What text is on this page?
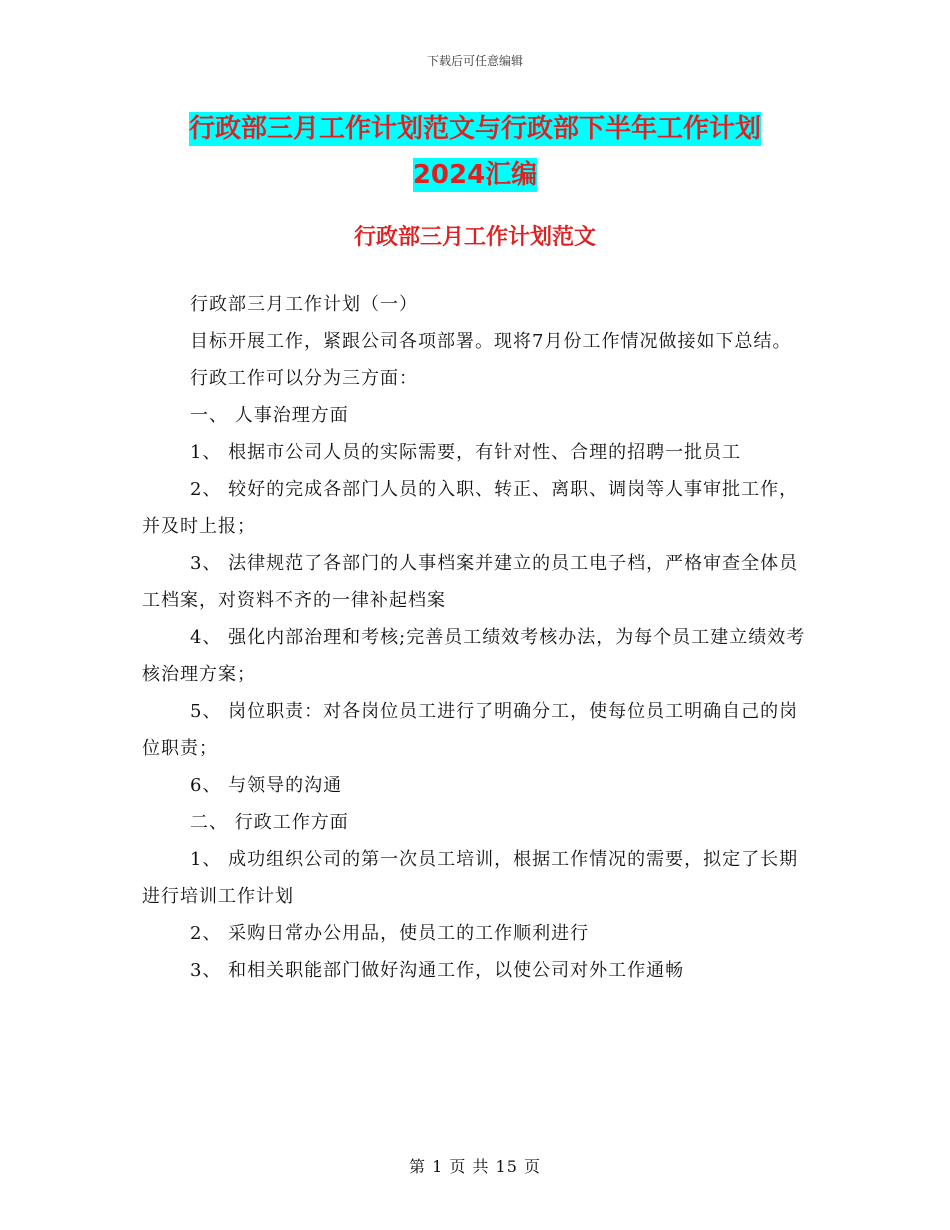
下载后可任意编辑
行政部三月工作计划范文与行政部下半年工作计划
2024汇编
行政部三月工作计划范文

行政部三月工作计划（一）

目标开展工作，紧跟公司各项部署。现将7月份工作情况做接如下总结。

行政工作可以分为三方面：

一、 人事治理方面

1、 根据市公司人员的实际需要，有针对性、合理的招聘一批员工

2、 较好的完成各部门人员的入职、转正、离职、调岗等人事审批工作，并及时上报；

3、 法律规范了各部门的人事档案并建立的员工电子档，严格审查全体员工档案，对资料不齐的一律补起档案

4、 强化内部治理和考核;完善员工绩效考核办法，为每个员工建立绩效考核治理方案；

5、 岗位职责：对各岗位员工进行了明确分工，使每位员工明确自己的岗位职责；

6、 与领导的沟通

二、 行政工作方面

1、 成功组织公司的第一次员工培训，根据工作情况的需要，拟定了长期进行培训工作计划

2、 采购日常办公用品，使员工的工作顺利进行

3、 和相关职能部门做好沟通工作，以使公司对外工作通畅

第 1 页 共 15 页
